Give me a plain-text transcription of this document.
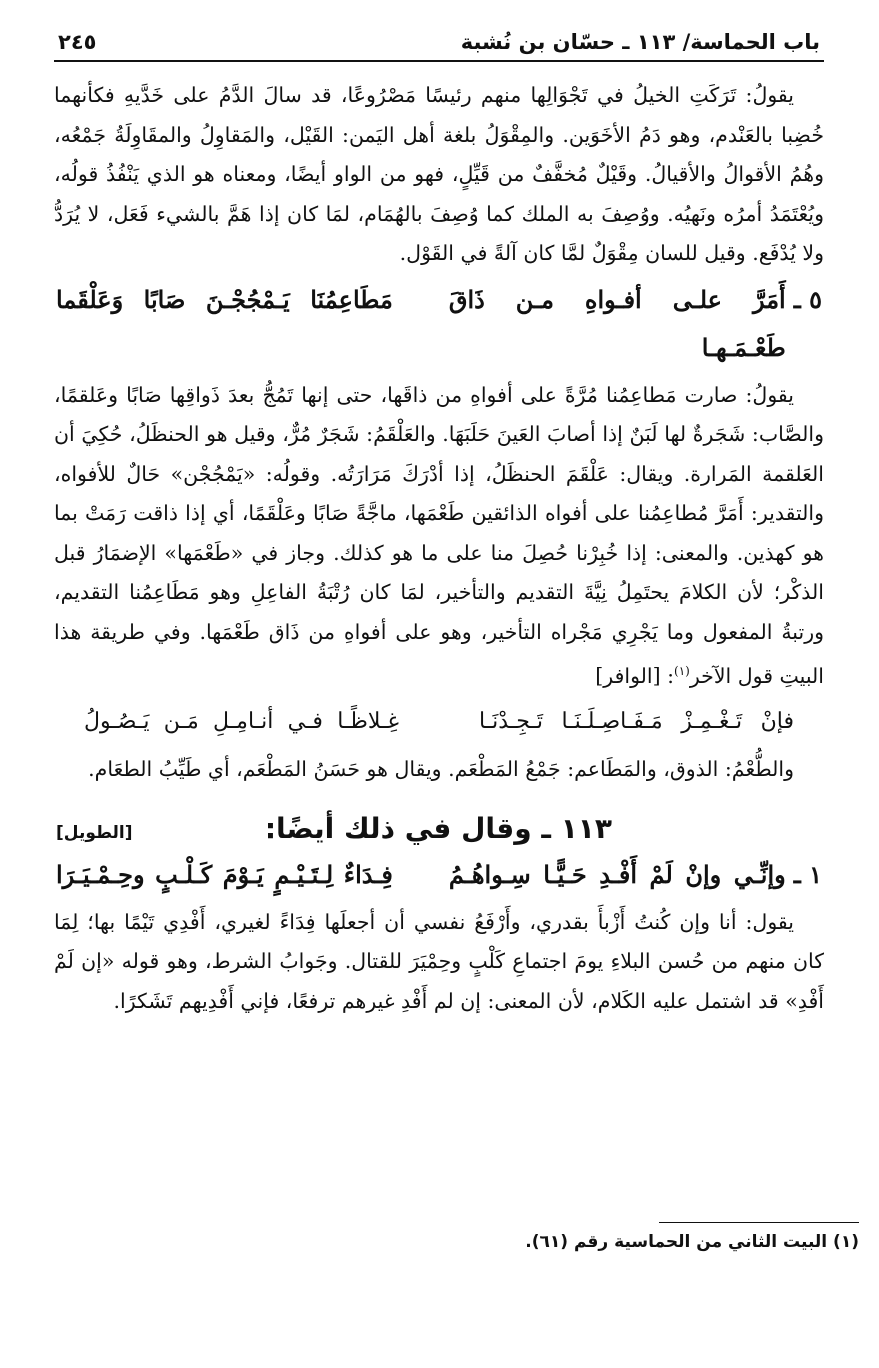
باب الحماسة/ ١١٣ ـ حسّان بن نُشبة
٢٤٥

يقولُ: تَرَكَتِ الخيلُ في تَجْوَالِها منهم رئيسًا مَصْرُوعًا، قد سالَ الدَّمُ على خَدَّيهِ فكأنهما خُضِبا بالعَنْدم، وهو دَمُ الأخَوَين. والمِقْوَلُ بلغة أهل اليَمن: القَيْل، والمَقاوِلُ والمقَاوِلَةُ جَمْعُه، وهُمُ الأقوالُ والأقيالُ. وقَيْلٌ مُخفَّفٌ من قَيِّلٍ، فهو من الواو أيضًا، ومعناه هو الذي يَنْفُذُ قولُه، ويُعْتَمَدُ أمرُه ونَهيُه. ووُصِفَ به الملك كما وُصِفَ بالهُمَام، لمَا كان إذا هَمَّ بالشيء فَعَل، لا يُرَدُّ ولا يُدْفَع. وقيل للسان مِقْوَلٌ لمَّا كان آلةً في القَوْل.

٥ ـ
أَمَرَّ علـى أفـواهِ مـن ذَاقَ طَعْـمَـهـا
مَطَاعِمُنَا يَـمْجُجْـنَ صَابًا وَعَلْقَما

يقولُ: صارت مَطاعِمُنا مُرَّةً على أفواهِ من ذاقَها، حتى إنها تَمُجُّ بعدَ ذَواقِها صَابًا وعَلقمًا، والصَّاب: شَجَرةٌ لها لَبَنٌ إذا أصابَ العَينَ حَلَبَهَا. والعَلْقَمُ: شَجَرٌ مُرٌّ، وقيل هو الحنظَلُ، حُكِيَ أن العَلقمة المَرارة. ويقال: عَلْقَمَ الحنظَلُ، إذا أدْرَكَ مَرَارَتُه. وقولُه: «يَمْجُجْن» حَالٌ للأفواه، والتقدير: أَمَرَّ مُطاعِمُنا على أفواه الذائقين طَعْمَها، ماجَّةً صَابًا وعَلْقَمًا، أي إذا ذاقت رَمَتْ بما هو كهذين. والمعنى: إذا خُبِرْنا حُصِلَ منا على ما هو كذلك. وجاز في «طَعْمَها» الإضمَارُ قبل الذكْر؛ لأن الكلامَ يحتَمِلُ نِيَّةَ التقديم والتأخير، لمَا كان رُتْبَةُ الفاعِلِ وهو مَطَاعِمُنا التقديم، ورتبةُ المفعول وما يَجْرِي مَجْراه التأخير، وهو على أفواهِ من ذَاق طَعْمَها. وفي طريقة هذا البيتِ قول الآخر$^{(١)}$: [الوافر]

فإنْ تَـغْـمِـزْ مَـفَـاصِـلَـنَـا تَـجِـدْنَـا
غِـلاظًـا فـي أنـامِـلِ مَـن يَـصُـولُ

والطُّعْمُ: الذوق، والمَطَاعم: جَمْعُ المَطْعَم. ويقال هو حَسَنُ المَطْعَم، أي طَيِّبُ الطعَام.

١١٣ ـ وقال في ذلك أيضًا:
[الطويل]
١ ـ
وإنِّـي وإنْ لَمْ أَفْـدِ حَـيًّـا سِـواهُـمُ
فِـدَاءٌ لِـتَـيْـمٍ يَـوْمَ كَـلْـبٍ وحِـمْـيَـرَا

يقول: أنا وإن كُنتُ أَزْبأَ بقدري، وأَرْفَعُ نفسي أن أجعلَها فِدَاءً لغيري، أَفْدِي تَيْمًا بها؛ لِمَا كان منهم من حُسن البلاءِ يومَ اجتماعِ كَلْبٍ وحِمْيَرَ للقتال. وجَوابُ الشرط، وهو قوله «إن لَمْ أَفْدِ» قد اشتمل عليه الكَلام، لأن المعنى: إن لم أَفْدِ غيرهم ترفعًا، فإني أَفْدِيهم تَشَكرًا.

(١) البيت الثاني من الحماسية رقم (٦١).
